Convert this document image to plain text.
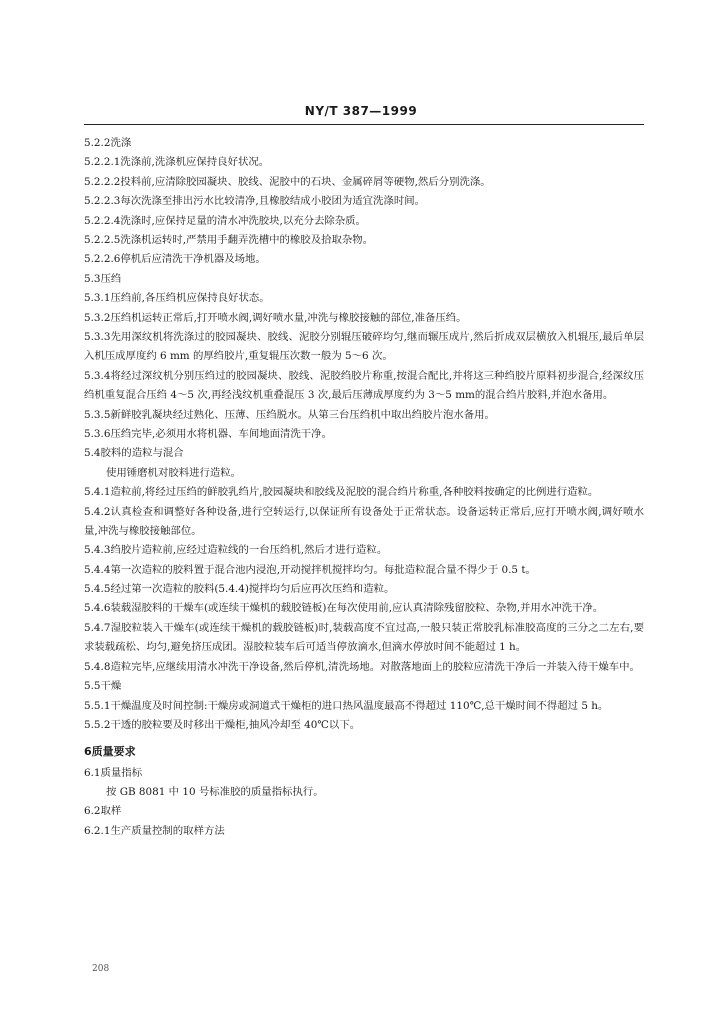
NY/T 387—1999
5.2.2洗涤
5.2.2.1洗涤前,洗涤机应保持良好状况。
5.2.2.2投料前,应清除胶园凝块、胶线、泥胶中的石块、金属碎屑等硬物,然后分别洗涤。
5.2.2.3每次洗涤至排出污水比较清净,且橡胶结成小胶团为适宜洗涤时间。
5.2.2.4洗涤时,应保持足量的清水冲洗胶块,以充分去除杂质。
5.2.2.5洗涤机运转时,严禁用手翻弄洗槽中的橡胶及拾取杂物。
5.2.2.6停机后应清洗干净机器及场地。
5.3压绉
5.3.1压绉前,各压绉机应保持良好状态。
5.3.2压绉机运转正常后,打开喷水阀,调好喷水量,冲洗与橡胶接触的部位,准备压绉。
5.3.3先用深纹机将洗涤过的胶园凝块、胶线、泥胶分别辊压破碎均匀,继而辗压成片,然后折成双层横放入机辊压,最后单层入机压成厚度约 6 mm 的厚绉胶片,重复辊压次数一般为 5～6 次。
5.3.4将经过深纹机分别压绉过的胶园凝块、胶线、泥胶绉胶片称重,按混合配比,并将这三种绉胶片原料初步混合,经深纹压绉机重复混合压绉 4～5 次,再经浅纹机重叠混压 3 次,最后压薄成厚度约为 3～5 mm的混合绉片胶料,并泡水备用。
5.3.5新鲜胶乳凝块经过熟化、压薄、压绉脱水。从第三台压绉机中取出绉胶片泡水备用。
5.3.6压绉完毕,必须用水将机器、车间地面清洗干净。
5.4胶料的造粒与混合
使用锤磨机对胶料进行造粒。
5.4.1造粒前,将经过压绉的鲜胶乳绉片,胶园凝块和胶线及泥胶的混合绉片称重,各种胶料按确定的比例进行造粒。
5.4.2认真检查和调整好各种设备,进行空转运行,以保证所有设备处于正常状态。设备运转正常后,应打开喷水阀,调好喷水量,冲洗与橡胶接触部位。
5.4.3绉胶片造粒前,应经过造粒线的一台压绉机,然后才进行造粒。
5.4.4第一次造粒的胶料置于混合池内浸泡,开动搅拌机搅拌均匀。每批造粒混合量不得少于 0.5 t。
5.4.5经过第一次造粒的胶料(5.4.4)搅拌均匀后应再次压绉和造粒。
5.4.6装载湿胶料的干燥车(或连续干燥机的载胶链板)在每次使用前,应认真清除残留胶粒、杂物,并用水冲洗干净。
5.4.7湿胶粒装入干燥车(或连续干燥机的载胶链板)时,装载高度不宜过高,一般只装正常胶乳标准胶高度的三分之二左右,要求装载疏松、均匀,避免挤压成团。湿胶粒装车后可适当停放滴水,但滴水停放时间不能超过 1 h。
5.4.8造粒完毕,应继续用清水冲洗干净设备,然后停机,清洗场地。对散落地面上的胶粒应清洗干净后一并装入待干燥车中。
5.5干燥
5.5.1干燥温度及时间控制:干燥房或洞道式干燥柜的进口热风温度最高不得超过 110℃,总干燥时间不得超过 5 h。
5.5.2干透的胶粒要及时移出干燥柜,抽风冷却至 40℃以下。
6质量要求
6.1质量指标
按 GB 8081 中 10 号标准胶的质量指标执行。
6.2取样
6.2.1生产质量控制的取样方法
208
